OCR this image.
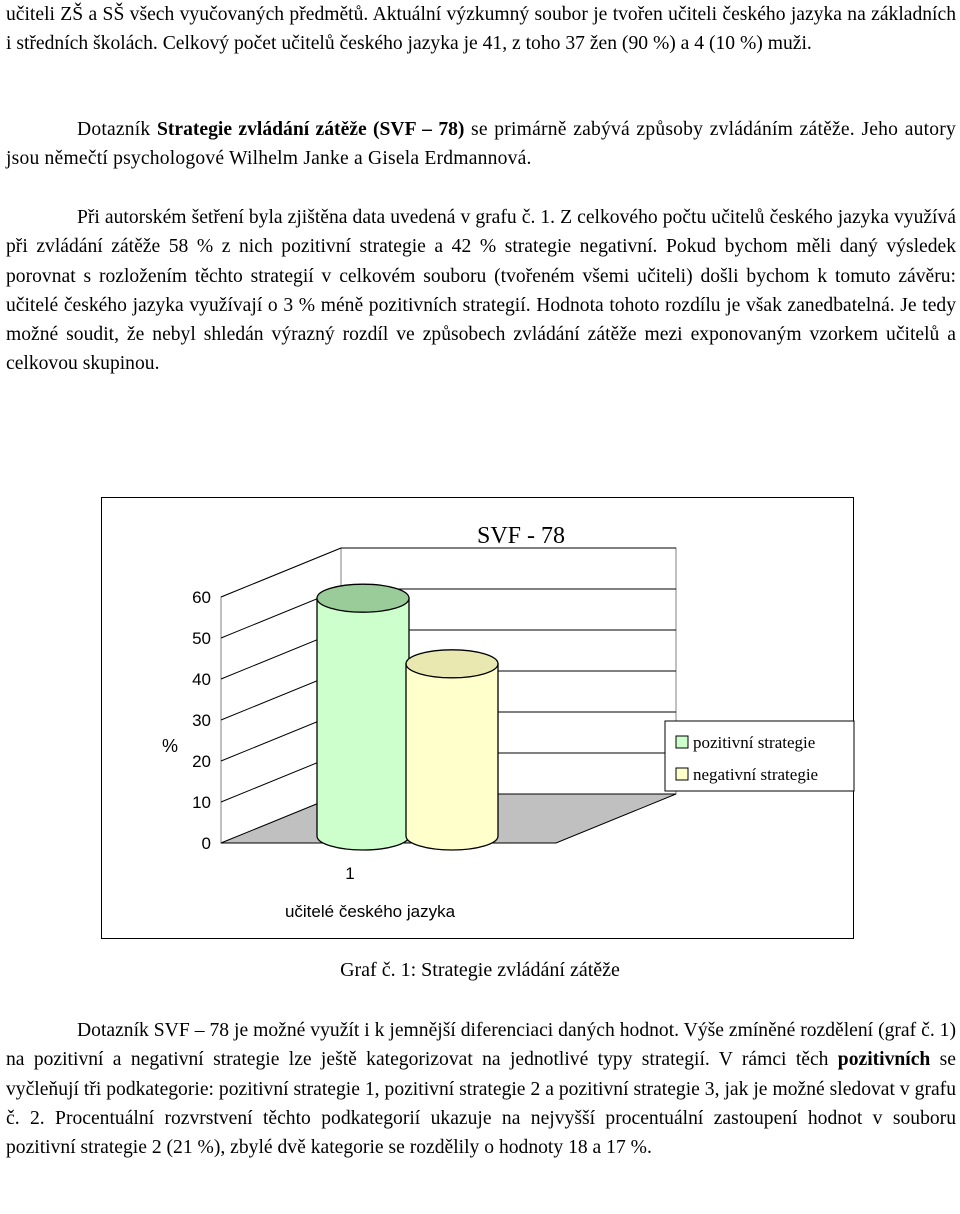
učiteli ZŠ a SŠ všech vyučovaných předmětů. Aktuální výzkumný soubor je tvořen učiteli českého jazyka na základních i středních školách. Celkový počet učitelů českého jazyka je 41, z toho 37 žen (90 %) a 4 (10 %) muži.

Dotazník Strategie zvládání zátěže (SVF – 78) se primárně zabývá způsoby zvládáním zátěže. Jeho autory jsou němečtí psychologové Wilhelm Janke a Gisela Erdmannová.

Při autorském šetření byla zjištěna data uvedená v grafu č. 1. Z celkového počtu učitelů českého jazyka využívá při zvládání zátěže 58 % z nich pozitivní strategie a 42 % strategie negativní. Pokud bychom měli daný výsledek porovnat s rozložením těchto strategií v celkovém souboru (tvořeném všemi učiteli) došli bychom k tomuto závěru: učitelé českého jazyka využívají o 3 % méně pozitivních strategií. Hodnota tohoto rozdílu je však zanedbatelná. Je tedy možné soudit, že nebyl shledán výrazný rozdíl ve způsobech zvládání zátěže mezi exponovaným vzorkem učitelů a celkovou skupinou.

Dotazník SVF – 78 je možné využít i k jemnější diferenciaci daných hodnot. Výše zmíněné rozdělení (graf č. 1) na pozitivní a negativní strategie lze ještě kategorizovat na jednotlivé typy strategií. V rámci těch pozitivních se vyčleňují tři podkategorie: pozitivní strategie 1, pozitivní strategie 2 a pozitivní strategie 3, jak je možné sledovat v grafu č. 2. Procentuální rozvrstvení těchto podkategorií ukazuje na nejvyšší procentuální zastoupení hodnot v souboru pozitivní strategie 2 (21 %), zbylé dvě kategorie se rozdělily o hodnoty 18 a 17 %.

0
10
20
30
40
50
60
%
SVF - 78
1
učitelé českého jazyka
pozitivní strategie
negativní strategie
Graf č. 1: Strategie zvládání zátěže
